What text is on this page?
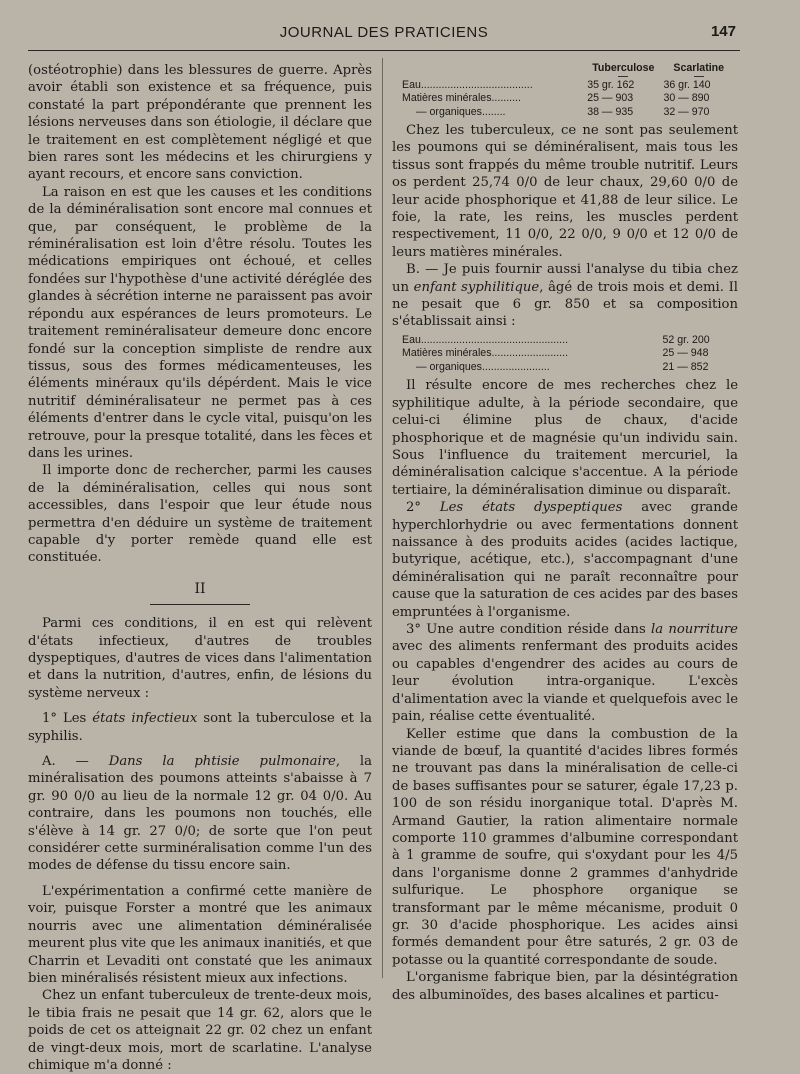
JOURNAL DES PRATICIENS	147

(ostéotrophie) dans les blessures de guerre. Après avoir établi son existence et sa fréquence, puis constaté la part prépondérante que prennent les lésions nerveuses dans son étiologie, il déclare que le traitement en est complètement négligé et que bien rares sont les médecins et les chirurgiens y ayant recours, et encore sans conviction.

La raison en est que les causes et les conditions de la déminéralisation sont encore mal connues et que, par conséquent, le problème de la réminéralisation est loin d'être résolu. Toutes les médications empiriques ont échoué, et celles fondées sur l'hypothèse d'une activité déréglée des glandes à sécrétion interne ne paraissent pas avoir répondu aux espérances de leurs promoteurs. Le traitement reminéralisateur demeure donc encore fondé sur la conception simpliste de rendre aux tissus, sous des formes médicamenteuses, les éléments minéraux qu'ils dépérdent. Mais le vice nutritif déminéralisateur ne permet pas à ces éléments d'entrer dans le cycle vital, puisqu'on les retrouve, pour la presque totalité, dans les fèces et dans les urines.

Il importe donc de rechercher, parmi les causes de la déminéralisation, celles qui nous sont accessibles, dans l'espoir que leur étude nous permettra d'en déduire un système de traitement capable d'y porter remède quand elle est constituée.

II

Parmi ces conditions, il en est qui relèvent d'états infectieux, d'autres de troubles dyspeptiques, d'autres de vices dans l'alimentation et dans la nutrition, d'autres, enfin, de lésions du système nerveux :

1° Les états infectieux sont la tuberculose et la syphilis.

A. — Dans la phtisie pulmonaire, la minéralisation des poumons atteints s'abaisse à 7 gr. 90 0/0 au lieu de la normale 12 gr. 04 0/0. Au contraire, dans les poumons non touchés, elle s'élève à 14 gr. 27 0/0; de sorte que l'on peut considérer cette surminéralisation comme l'un des modes de défense du tissu encore sain.

L'expérimentation a confirmé cette manière de voir, puisque Forster a montré que les animaux nourris avec une alimentation déminéralisée meurent plus vite que les animaux inanitiés, et que Charrin et Levaditi ont constaté que les animaux bien minéralisés résistent mieux aux infections.

Chez un enfant tuberculeux de trente-deux mois, le tibia frais ne pesait que 14 gr. 62, alors que le poids de cet os atteignait 22 gr. 02 chez un enfant de vingt-deux mois, mort de scarlatine. L'analyse chimique m'a donné :

	Tuberculose	Scarlatine

Eau......................................	35 gr. 162	36 gr. 140
Matières minérales..........	25 — 903	30 — 890
— organiques........	38 — 935	32 — 970

Chez les tuberculeux, ce ne sont pas seulement les poumons qui se déminéralisent, mais tous les tissus sont frappés du même trouble nutritif. Leurs os perdent 25,74 0/0 de leur chaux, 29,60 0/0 de leur acide phosphorique et 41,88 de leur silice. Le foie, la rate, les reins, les muscles perdent respectivement, 11 0/0, 22 0/0, 9 0/0 et 12 0/0 de leurs matières minérales.

B. — Je puis fournir aussi l'analyse du tibia chez un enfant syphilitique, âgé de trois mois et demi. Il ne pesait que 6 gr. 850 et sa composition s'établissait ainsi :

Eau..................................................	52 gr. 200
Matières minérales..........................	25 — 948
— organiques.......................	21 — 852

Il résulte encore de mes recherches chez le syphilitique adulte, à la période secondaire, que celui-ci élimine plus de chaux, d'acide phosphorique et de magnésie qu'un individu sain. Sous l'influence du traitement mercuriel, la déminéralisation calcique s'accentue. A la période tertiaire, la déminéralisation diminue ou disparaît.

2° Les états dyspeptiques avec grande hyperchlorhydrie ou avec fermentations donnent naissance à des produits acides (acides lactique, butyrique, acétique, etc.), s'accompagnant d'une déminéralisation qui ne paraît reconnaître pour cause que la saturation de ces acides par des bases empruntées à l'organisme.

3° Une autre condition réside dans la nourriture avec des aliments renfermant des produits acides ou capables d'engendrer des acides au cours de leur évolution intra-organique. L'excès d'alimentation avec la viande et quelquefois avec le pain, réalise cette éventualité.

Keller estime que dans la combustion de la viande de bœuf, la quantité d'acides libres formés ne trouvant pas dans la minéralisation de celle-ci de bases suffisantes pour se saturer, égale 17,23 p. 100 de son résidu inorganique total. D'après M. Armand Gautier, la ration alimentaire normale comporte 110 grammes d'albumine correspondant à 1 gramme de soufre, qui s'oxydant pour les 4/5 dans l'organisme donne 2 grammes d'anhydride sulfurique. Le phosphore organique se transformant par le même mécanisme, produit 0 gr. 30 d'acide phosphorique. Les acides ainsi formés demandent pour être saturés, 2 gr. 03 de potasse ou la quantité correspondante de soude.

L'organisme fabrique bien, par la désintégration des albuminoïdes, des bases alcalines et particu-
